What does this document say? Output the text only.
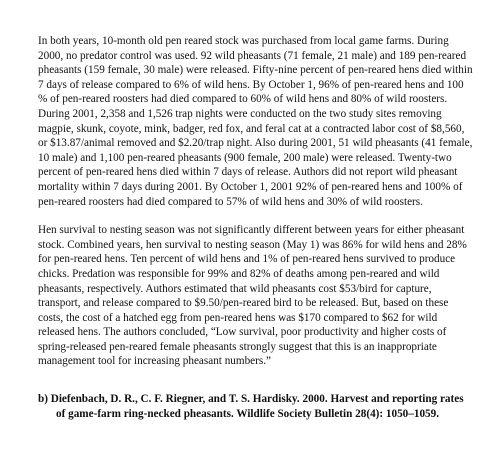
In both years, 10-month old pen reared stock was purchased from local game farms. During 2000, no predator control was used. 92 wild pheasants (71 female, 21 male) and 189 pen-reared pheasants (159 female, 30 male) were released. Fifty-nine percent of pen-reared hens died within 7 days of release compared to 6% of wild hens. By October 1, 96% of pen-reared hens and 100 % of pen-reared roosters had died compared to 60% of wild hens and 80% of wild roosters. During 2001, 2,358 and 1,526 trap nights were conducted on the two study sites removing magpie, skunk, coyote, mink, badger, red fox, and feral cat at a contracted labor cost of $8,560, or $13.87/animal removed and $2.20/trap night. Also during 2001, 51 wild pheasants (41 female, 10 male) and 1,100 pen-reared pheasants (900 female, 200 male) were released. Twenty-two percent of pen-reared hens died within 7 days of release. Authors did not report wild pheasant mortality within 7 days during 2001. By October 1, 2001 92% of pen-reared hens and 100% of pen-reared roosters had died compared to 57% of wild hens and 30% of wild roosters.

Hen survival to nesting season was not significantly different between years for either pheasant stock. Combined years, hen survival to nesting season (May 1) was 86% for wild hens and 28% for pen-reared hens. Ten percent of wild hens and 1% of pen-reared hens survived to produce chicks. Predation was responsible for 99% and 82% of deaths among pen-reared and wild pheasants, respectively. Authors estimated that wild pheasants cost $53/bird for capture, transport, and release compared to $9.50/pen-reared bird to be released. But, based on these costs, the cost of a hatched egg from pen-reared hens was $170 compared to $62 for wild released hens. The authors concluded, “Low survival, poor productivity and higher costs of spring-released pen-reared female pheasants strongly suggest that this is an inappropriate management tool for increasing pheasant numbers.”

b) Diefenbach, D. R., C. F. Riegner, and T. S. Hardisky. 2000. Harvest and reporting rates of game-farm ring-necked pheasants. Wildlife Society Bulletin 28(4): 1050–1059.
